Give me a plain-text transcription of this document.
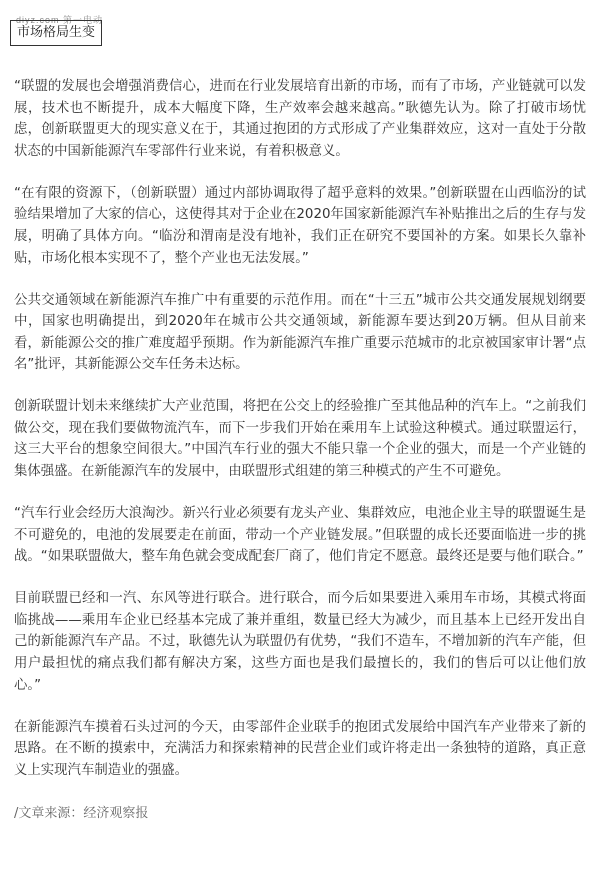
diyz.com 第一电动
市场格局生变

“联盟的发展也会增强消费信心，进而在行业发展培育出新的市场，而有了市场，产业链就可以发展，技术也不断提升，成本大幅度下降，生产效率会越来越高。”耿德先认为。除了打破市场忧虑，创新联盟更大的现实意义在于，其通过抱团的方式形成了产业集群效应，这对一直处于分散状态的中国新能源汽车零部件行业来说，有着积极意义。

“在有限的资源下，（创新联盟）通过内部协调取得了超乎意料的效果。”创新联盟在山西临汾的试验结果增加了大家的信心，这使得其对于企业在2020年国家新能源汽车补贴推出之后的生存与发展，明确了具体方向。“临汾和渭南是没有地补，我们正在研究不要国补的方案。如果长久靠补贴，市场化根本实现不了，整个产业也无法发展。”

公共交通领域在新能源汽车推广中有重要的示范作用。而在“十三五”城市公共交通发展规划纲要中，国家也明确提出，到2020年在城市公共交通领域，新能源车要达到20万辆。但从目前来看，新能源公交的推广难度超乎预期。作为新能源汽车推广重要示范城市的北京被国家审计署“点名”批评，其新能源公交车任务未达标。

创新联盟计划未来继续扩大产业范围，将把在公交上的经验推广至其他品种的汽车上。“之前我们做公交，现在我们要做物流汽车，而下一步我们开始在乘用车上试验这种模式。通过联盟运行，这三大平台的想象空间很大。”中国汽车行业的强大不能只靠一个企业的强大，而是一个产业链的集体强盛。在新能源汽车的发展中，由联盟形式组建的第三种模式的产生不可避免。

“汽车行业会经历大浪淘沙。新兴行业必须要有龙头产业、集群效应，电池企业主导的联盟诞生是不可避免的，电池的发展要走在前面，带动一个产业链发展。”但联盟的成长还要面临进一步的挑战。“如果联盟做大，整车角色就会变成配套厂商了，他们肯定不愿意。最终还是要与他们联合。”

目前联盟已经和一汽、东风等进行联合。进行联合，而今后如果要进入乘用车市场，其模式将面临挑战——乘用车企业已经基本完成了兼并重组，数量已经大为减少，而且基本上已经开发出自己的新能源汽车产品。不过，耿德先认为联盟仍有优势，“我们不造车，不增加新的汽车产能，但用户最担忧的痛点我们都有解决方案，这些方面也是我们最擅长的，我们的售后可以让他们放心。”

在新能源汽车摸着石头过河的今天，由零部件企业联手的抱团式发展给中国汽车产业带来了新的思路。在不断的摸索中，充满活力和探索精神的民营企业们或许将走出一条独特的道路，真正意义上实现汽车制造业的强盛。

/文章来源：经济观察报
